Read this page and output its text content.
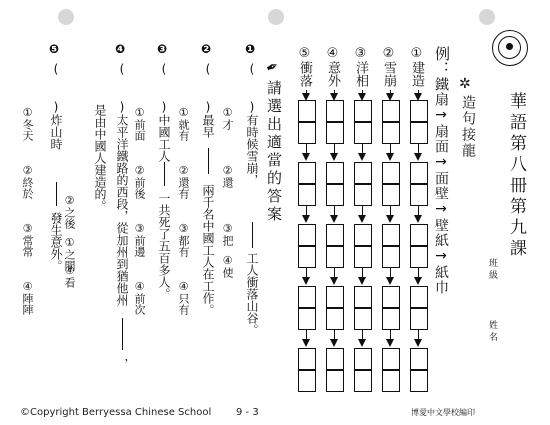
華語第八冊第九課
班級
姓名
✲
造句接龍
例：
鐵扇→扇面→面壁→壁紙→紙巾
①建造
②雪崩
③洋相
④意外
⑤衝落
✒
請選出適當的答案
❶
(　　)有時候雪崩，
工人衝落山谷。
①才
②還
③把
④使
❷
(　　)最早
兩千名中國工人在工作。
①就有
②還有
③都有
④只有
❸
(　　)中國工人
一共死了五百多人。
①前面
②前後
③前邊
④前次
❹
(　　)太平洋鐵路的西段，從加州到猶他州
，
是由中國人建造的。
①之間
②之後
④看
❺
(　　)炸山時
發生意外。
①冬天
②終於
③常常
④陣陣
©Copyright Berryessa Chinese School 9 - 3	博愛中文學校編印
